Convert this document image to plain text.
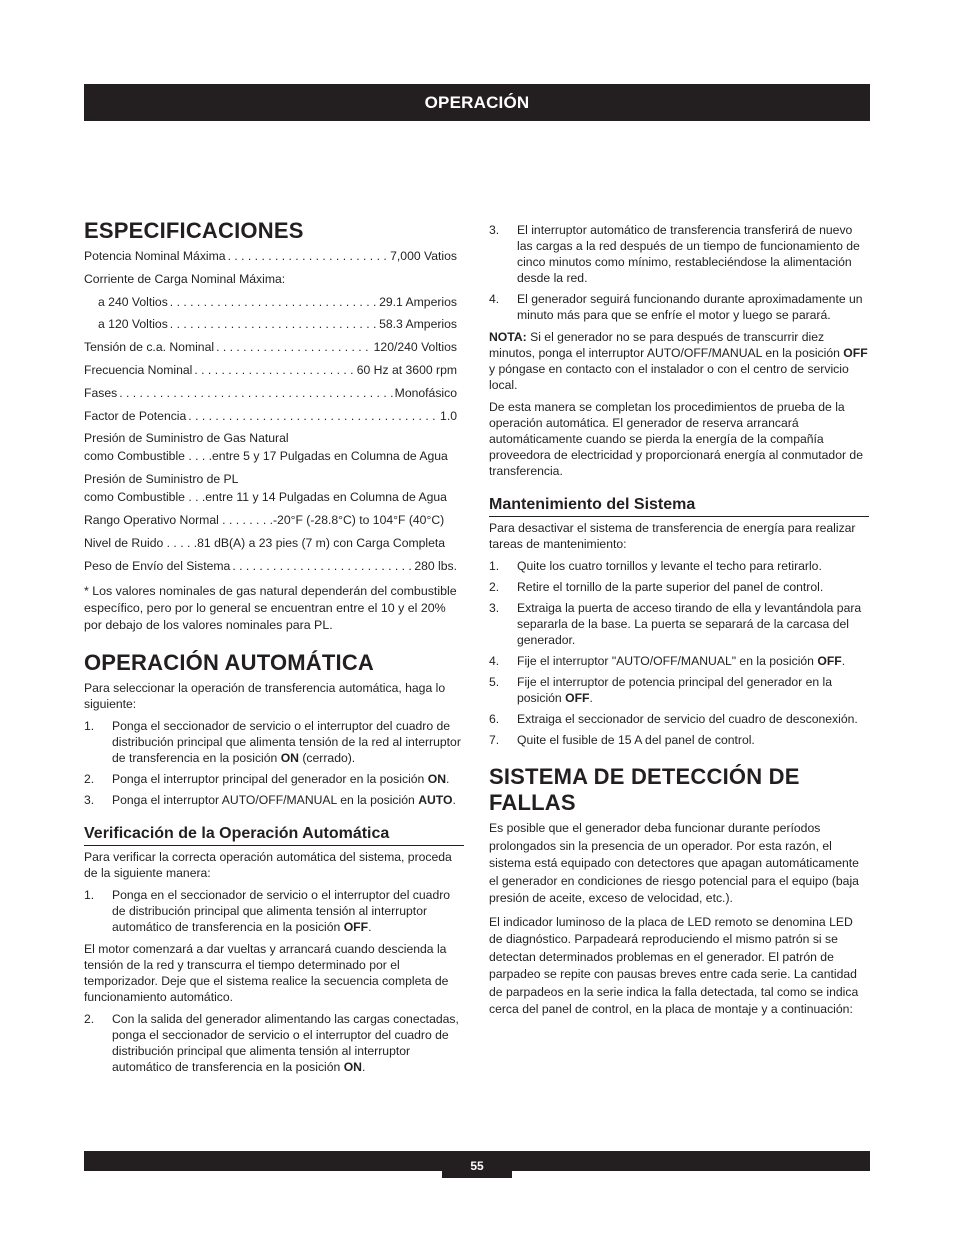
OPERACIÓN
ESPECIFICACIONES
Potencia Nominal Máxima . . .	7,000 Vatios
Corriente de Carga Nominal Máxima:
a 240 Voltios . . .	29.1 Amperios
a 120 Voltios . . .	58.3 Amperios
Tensión de c.a. Nominal . . .	120/240 Voltios
Frecuencia Nominal . . .	60 Hz at 3600 rpm
Fases . . .	Monofásico
Factor de Potencia . . .	1.0
Presión de Suministro de Gas Natural
como Combustible . . . .entre 5 y 17 Pulgadas en Columna de Agua
Presión de Suministro de PL
como Combustible . . .entre 11 y 14 Pulgadas en Columna de Agua
Rango Operativo Normal . . . . . . . .-20°F (-28.8°C) to 104°F (40°C)
Nivel de Ruido . . . . .81 dB(A) a 23 pies (7 m) con Carga Completa
Peso de Envío del Sistema . . .	280 lbs.

* Los valores nominales de gas natural dependerán del combustible específico, pero por lo general se encuentran entre el 10 y el 20% por debajo de los valores nominales para PL.

OPERACIÓN AUTOMÁTICA

Para seleccionar la operación de transferencia automática, haga lo siguiente:

1.	Ponga el seccionador de servicio o el interruptor del cuadro de distribución principal que alimenta tensión de la red al interruptor de transferencia en la posición ON (cerrado).
2.	Ponga el interruptor principal del generador en la posición ON.
3.	Ponga el interruptor AUTO/OFF/MANUAL en la posición AUTO.
Verificación de la Operación Automática

Para verificar la correcta operación automática del sistema, proceda de la siguiente manera:

1.	Ponga en el seccionador de servicio o el interruptor del cuadro de distribución principal que alimenta tensión al interruptor automático de transferencia en la posición OFF.

El motor comenzará a dar vueltas y arrancará cuando descienda la tensión de la red y transcurra el tiempo determinado por el temporizador. Deje que el sistema realice la secuencia completa de funcionamiento automático.

2.	Con la salida del generador alimentando las cargas conectadas, ponga el seccionador de servicio o el interruptor del cuadro de distribución principal que alimenta tensión al interruptor automático de transferencia en la posición ON.
3.	El interruptor automático de transferencia transferirá de nuevo las cargas a la red después de un tiempo de funcionamiento de cinco minutos como mínimo, restableciéndose la alimentación desde la red.
4.	El generador seguirá funcionando durante aproximadamente un minuto más para que se enfríe el motor y luego se parará.

NOTA: Si el generador no se para después de transcurrir diez minutos, ponga el interruptor AUTO/OFF/MANUAL en la posición OFF y póngase en contacto con el instalador o con el centro de servicio local.

De esta manera se completan los procedimientos de prueba de la operación automática. El generador de reserva arrancará automáticamente cuando se pierda la energía de la compañía proveedora de electricidad y proporcionará energía al conmutador de transferencia.

Mantenimiento del Sistema

Para desactivar el sistema de transferencia de energía para realizar tareas de mantenimiento:

1.	Quite los cuatro tornillos y levante el techo para retirarlo.
2.	Retire el tornillo de la parte superior del panel de control.
3.	Extraiga la puerta de acceso tirando de ella y levantándola para separarla de la base. La puerta se separará de la carcasa del generador.
4.	Fije el interruptor "AUTO/OFF/MANUAL" en la posición OFF.
5.	Fije el interruptor de potencia principal del generador en la posición OFF.
6.	Extraiga el seccionador de servicio del cuadro de desconexión.
7.	Quite el fusible de 15 A del panel de control.
SISTEMA DE DETECCIÓN DE FALLAS

Es posible que el generador deba funcionar durante períodos prolongados sin la presencia de un operador. Por esta razón, el sistema está equipado con detectores que apagan automáticamente el generador en condiciones de riesgo potencial para el equipo (baja presión de aceite, exceso de velocidad, etc.).

El indicador luminoso de la placa de LED remoto se denomina LED de diagnóstico. Parpadeará reproduciendo el mismo patrón si se detectan determinados problemas en el generador. El patrón de parpadeo se repite con pausas breves entre cada serie. La cantidad de parpadeos en la serie indica la falla detectada, tal como se indica cerca del panel de control, en la placa de montaje y a continuación:

55
